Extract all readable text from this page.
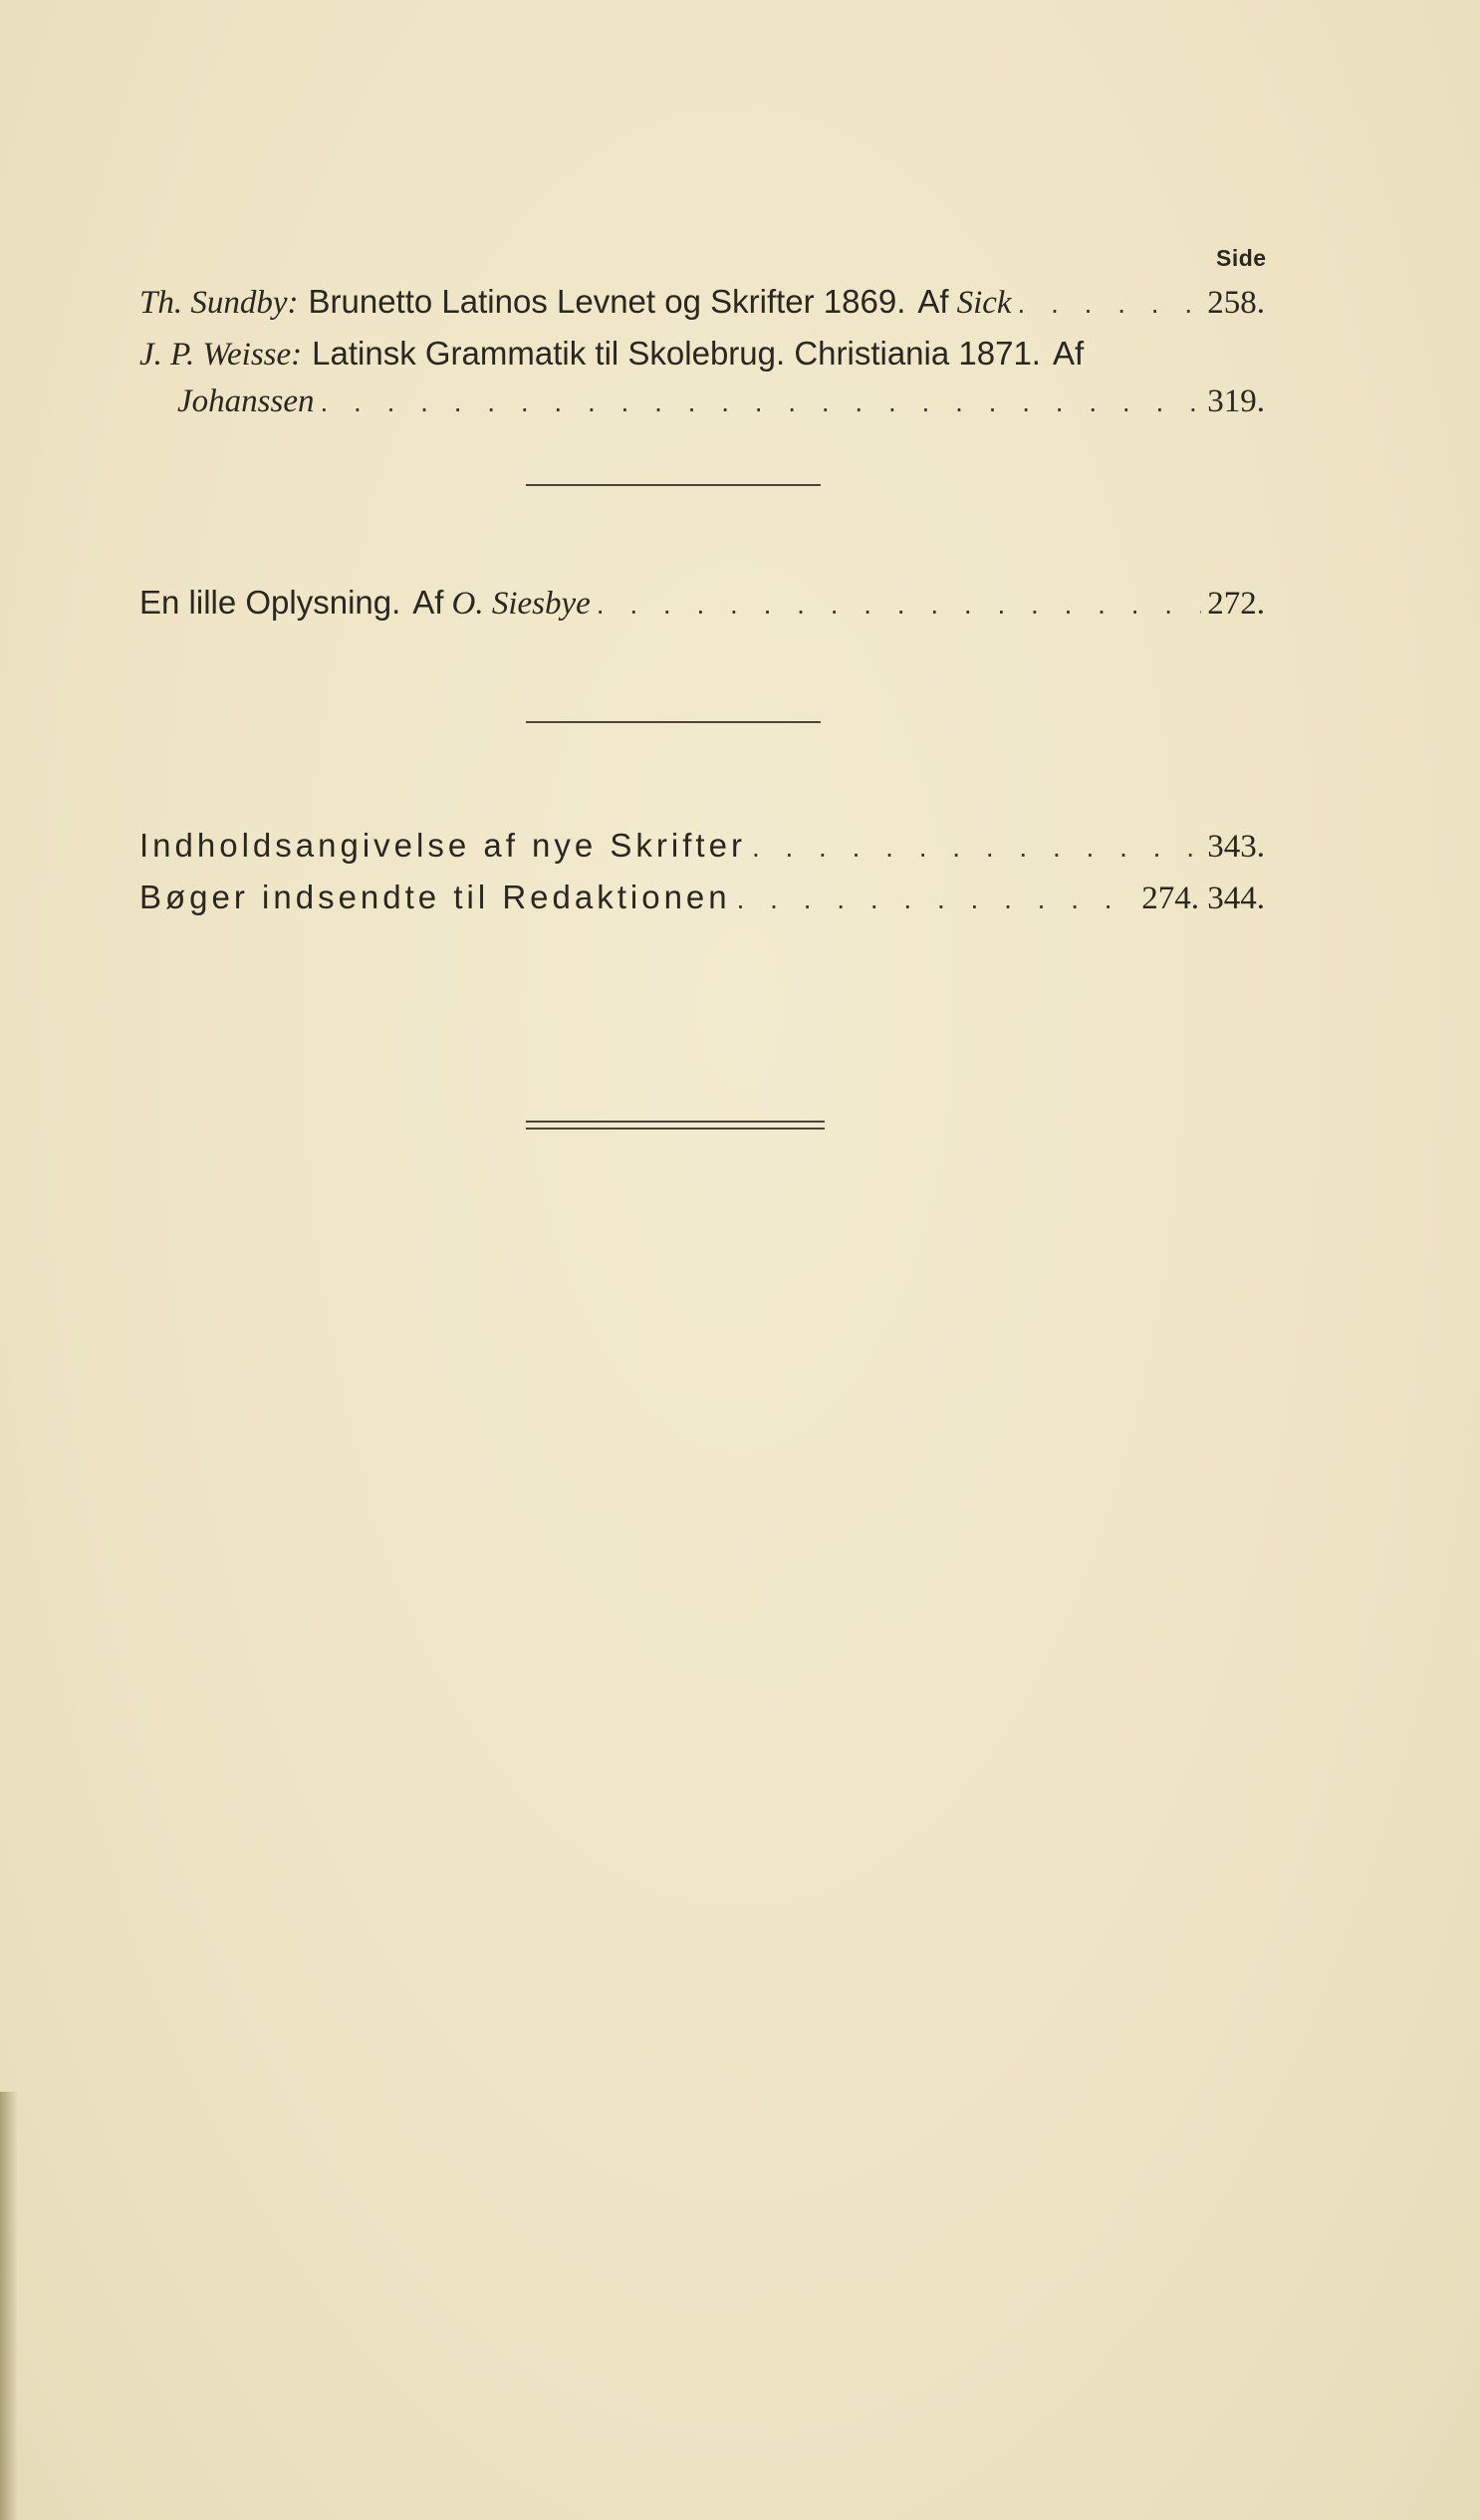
Side
Th. Sundby: Brunetto Latinos Levnet og Skrifter 1869. Af Sick . . .	258.
J. P. Weisse: Latinsk Grammatik til Skolebrug. Christiania 1871. Af
Johanssen . . .	319.
En lille Oplysning. Af O. Siesbye . . .	272.
Indholdsangivelse af nye Skrifter . . .	343.
Bøger indsendte til Redaktionen . . .	274. 344.
